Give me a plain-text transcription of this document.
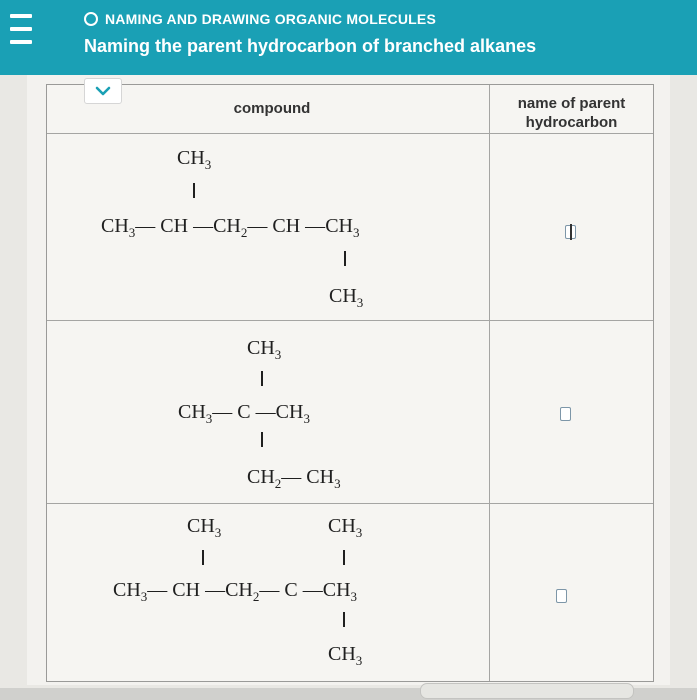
NAMING AND DRAWING ORGANIC MOLECULES
Naming the parent hydrocarbon of branched alkanes
compound	name of parent
hydrocarbon
$CH_3$
$CH_3—$ CH $—CH_2—$ CH $—CH_3$
$CH_3$
$CH_3$
$CH_3—$ C $—CH_3$
$CH_2—$ $CH_3$
$CH_3$	$CH_3$
$CH_3—$ CH $—CH_2—$ C $—CH_3$
$CH_3$
